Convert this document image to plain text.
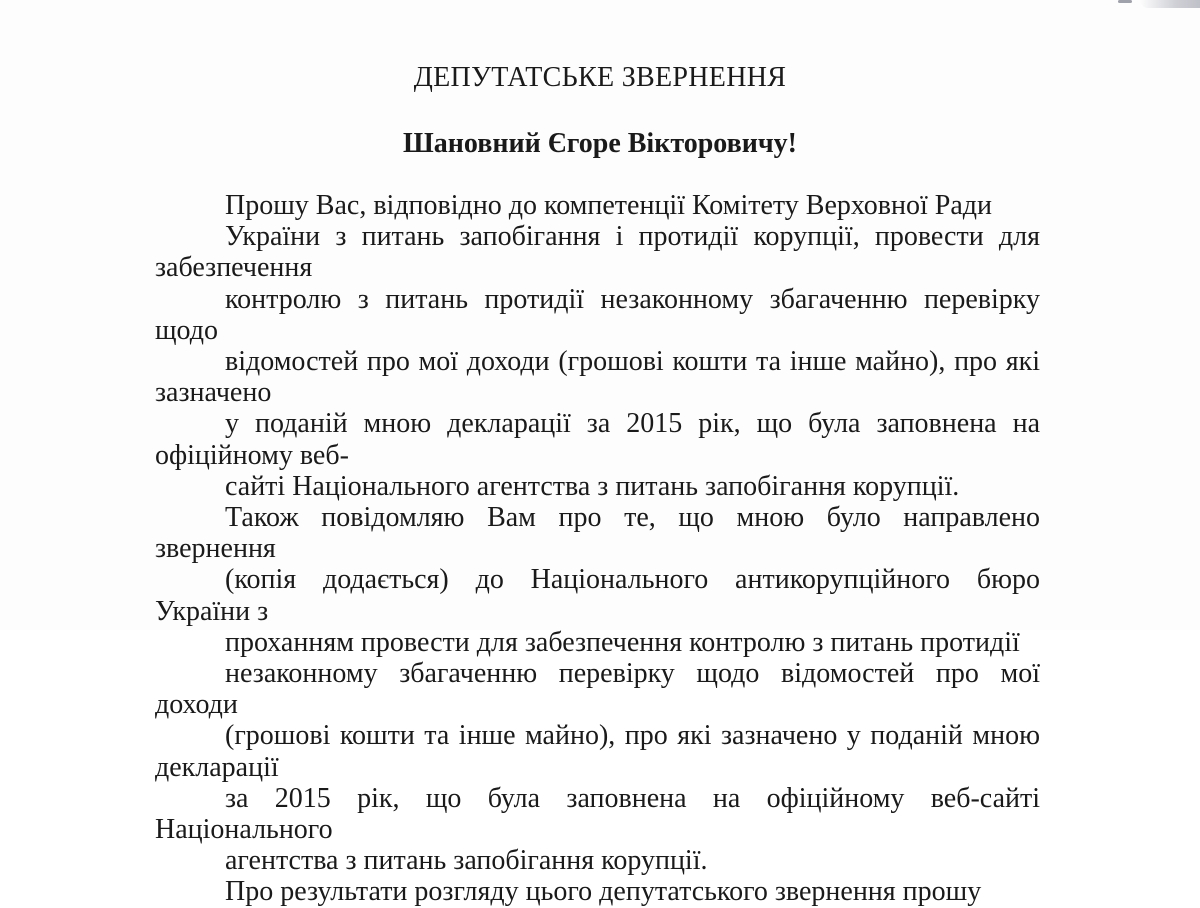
ДЕПУТАТСЬКЕ ЗВЕРНЕННЯ
Шановний Єгоре Вікторовичу!

Прошу Вас, відповідно до компетенції Комітету Верховної Ради
України з питань запобігання і протидії корупції, провести для забезпечення
контролю з питань протидії незаконному збагаченню перевірку щодо
відомостей про мої доходи (грошові кошти та інше майно), про які зазначено
у поданій мною декларації за 2015 рік, що була заповнена на офіційному веб-
сайті Національного агентства з питань запобігання корупції.

Також повідомляю Вам про те, що мною було направлено звернення
(копія додається) до Національного антикорупційного бюро України з
проханням провести для забезпечення контролю з питань протидії
незаконному збагаченню перевірку щодо відомостей про мої доходи
(грошові кошти та інше майно), про які зазначено у поданій мною декларації
за 2015 рік, що була заповнена на офіційному веб-сайті Національного
агентства з питань запобігання корупції.

Про результати розгляду цього депутатського звернення прошу
